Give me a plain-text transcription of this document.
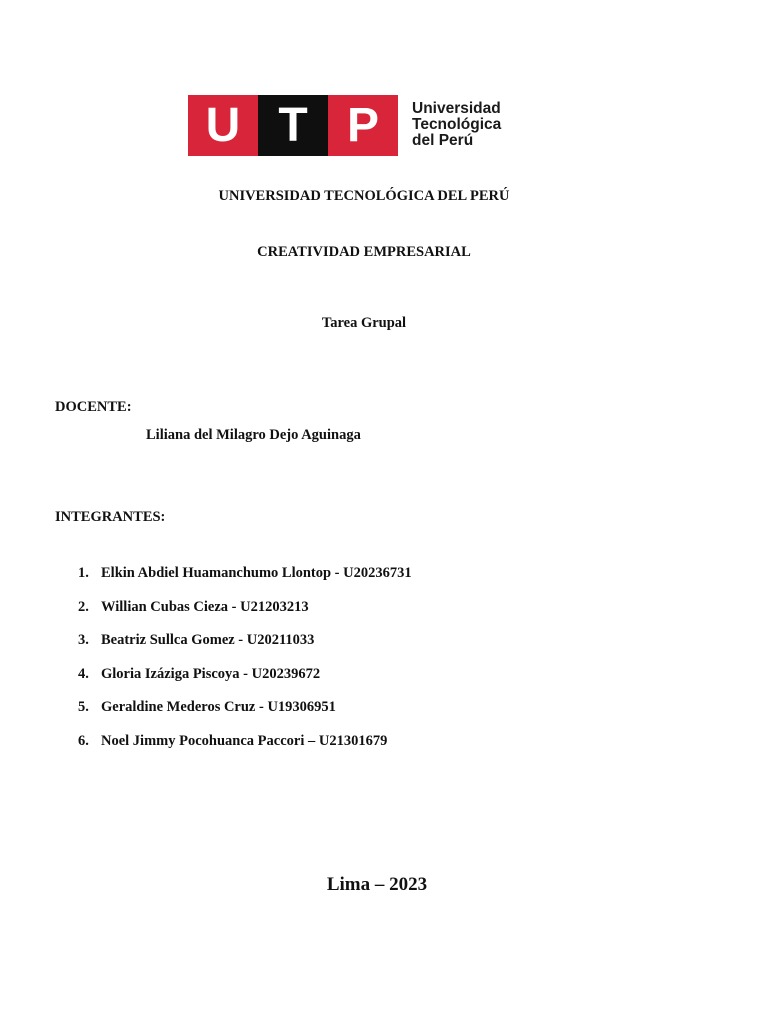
U T P Universidad
Tecnológica
del Perú
UNIVERSIDAD TECNOLÓGICA DEL PERÚ
CREATIVIDAD EMPRESARIAL
Tarea Grupal
DOCENTE:
Liliana del Milagro Dejo Aguinaga
INTEGRANTES:
1. Elkin Abdiel Huamanchumo Llontop - U20236731
2. Willian Cubas Cieza - U21203213
3. Beatriz Sullca Gomez - U20211033
4. Gloria Izáziga Piscoya - U20239672
5. Geraldine Mederos Cruz - U19306951
6. Noel Jimmy Pocohuanca Paccori – U21301679
Lima – 2023
